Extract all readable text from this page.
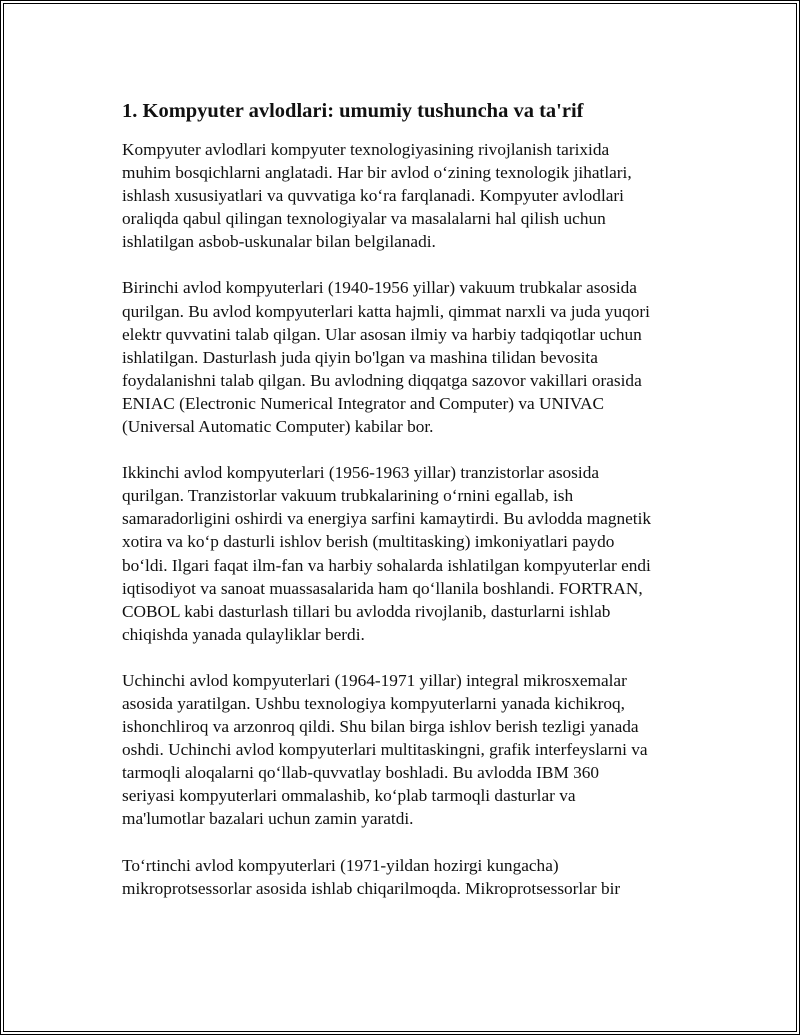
1. Kompyuter avlodlari: umumiy tushuncha va ta'rif

Kompyuter avlodlari kompyuter texnologiyasining rivojlanish tarixida
muhim bosqichlarni anglatadi. Har bir avlod o‘zining texnologik jihatlari,
ishlash xususiyatlari va quvvatiga ko‘ra farqlanadi. Kompyuter avlodlari
oraliqda qabul qilingan texnologiyalar va masalalarni hal qilish uchun
ishlatilgan asbob-uskunalar bilan belgilanadi.

Birinchi avlod kompyuterlari (1940-1956 yillar) vakuum trubkalar asosida
qurilgan. Bu avlod kompyuterlari katta hajmli, qimmat narxli va juda yuqori
elektr quvvatini talab qilgan. Ular asosan ilmiy va harbiy tadqiqotlar uchun
ishlatilgan. Dasturlash juda qiyin bo'lgan va mashina tilidan bevosita
foydalanishni talab qilgan. Bu avlodning diqqatga sazovor vakillari orasida
ENIAC (Electronic Numerical Integrator and Computer) va UNIVAC
(Universal Automatic Computer) kabilar bor.

Ikkinchi avlod kompyuterlari (1956-1963 yillar) tranzistorlar asosida
qurilgan. Tranzistorlar vakuum trubkalarining o‘rnini egallab, ish
samaradorligini oshirdi va energiya sarfini kamaytirdi. Bu avlodda magnetik
xotira va ko‘p dasturli ishlov berish (multitasking) imkoniyatlari paydo
bo‘ldi. Ilgari faqat ilm-fan va harbiy sohalarda ishlatilgan kompyuterlar endi
iqtisodiyot va sanoat muassasalarida ham qo‘llanila boshlandi. FORTRAN,
COBOL kabi dasturlash tillari bu avlodda rivojlanib, dasturlarni ishlab
chiqishda yanada qulayliklar berdi.

Uchinchi avlod kompyuterlari (1964-1971 yillar) integral mikrosxemalar
asosida yaratilgan. Ushbu texnologiya kompyuterlarni yanada kichikroq,
ishonchliroq va arzonroq qildi. Shu bilan birga ishlov berish tezligi yanada
oshdi. Uchinchi avlod kompyuterlari multitaskingni, grafik interfeyslarni va
tarmoqli aloqalarni qo‘llab-quvvatlay boshladi. Bu avlodda IBM 360
seriyasi kompyuterlari ommalashib, ko‘plab tarmoqli dasturlar va
ma'lumotlar bazalari uchun zamin yaratdi.

To‘rtinchi avlod kompyuterlari (1971-yildan hozirgi kungacha)
mikroprotsessorlar asosida ishlab chiqarilmoqda. Mikroprotsessorlar bir
